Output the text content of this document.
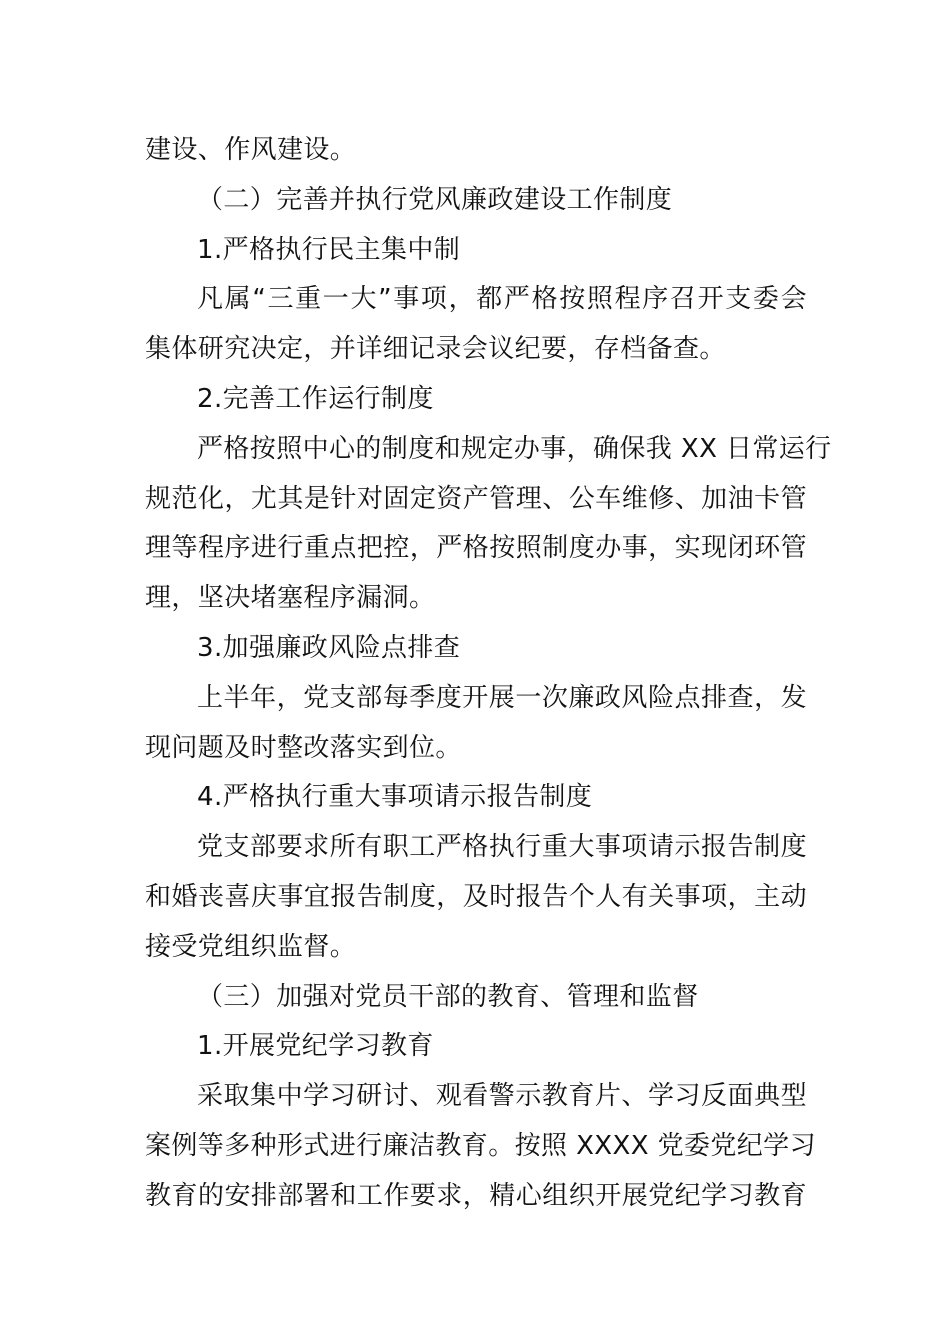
建设、作风建设。
（二）完善并执行党风廉政建设工作制度
1.严格执行民主集中制
凡属“三重一大”事项，都严格按照程序召开支委会
集体研究决定，并详细记录会议纪要，存档备查。
2.完善工作运行制度
严格按照中心的制度和规定办事，确保我 XX 日常运行
规范化，尤其是针对固定资产管理、公车维修、加油卡管
理等程序进行重点把控，严格按照制度办事，实现闭环管
理，坚决堵塞程序漏洞。
3.加强廉政风险点排查
上半年，党支部每季度开展一次廉政风险点排查，发
现问题及时整改落实到位。
4.严格执行重大事项请示报告制度
党支部要求所有职工严格执行重大事项请示报告制度
和婚丧喜庆事宜报告制度，及时报告个人有关事项，主动
接受党组织监督。
（三）加强对党员干部的教育、管理和监督
1.开展党纪学习教育
采取集中学习研讨、观看警示教育片、学习反面典型
案例等多种形式进行廉洁教育。按照 XXXX 党委党纪学习
教育的安排部署和工作要求，精心组织开展党纪学习教育
